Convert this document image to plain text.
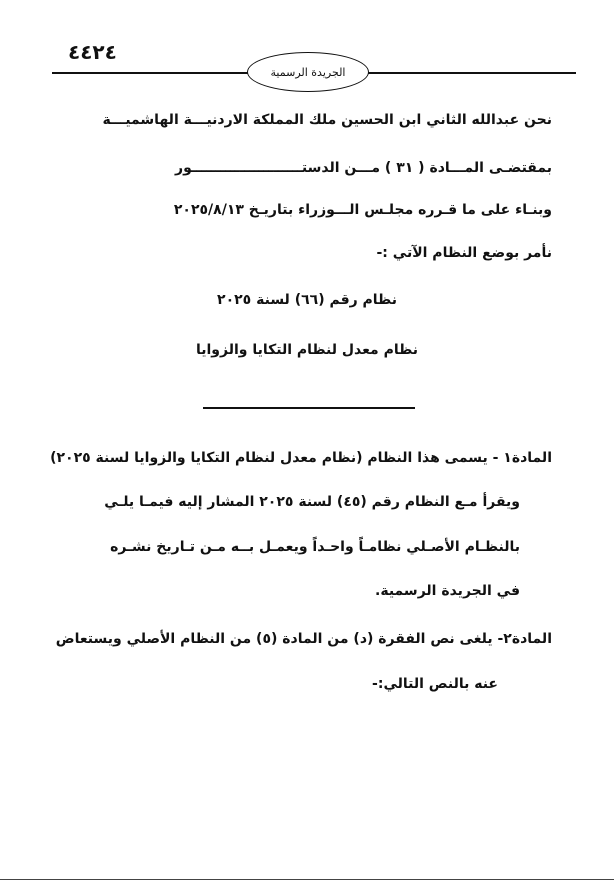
٤٤٢٤
الجريدة الرسمية
نحن عبدالله الثاني ابن الحسين ملك المملكة الاردنيـــة الهاشميـــة
بمقتضـى المـــادة ( ٣١ ) مـــن الدستـــــــــــــــــــــــور
وبنـاء على ما قـرره مجلـس الـــوزراء بتاريـخ ٢٠٢٥/٨/١٣
نأمر بوضع النظام الآتي :-
نظام رقم (٦٦) لسنة ٢٠٢٥
نظام معدل لنظام التكايا والزوايا
المادة١ - يسمى هذا النظام (نظام معدل لنظام التكايا والزوايا لسنة ٢٠٢٥)
ويقرأ مـع النظام رقم (٤٥) لسنة ٢٠٢٥ المشار إليه فيمـا يلـي
بالنظـام الأصـلي نظامـاً واحـداً ويعمـل بــه مـن تـاريخ نشـره
في الجريدة الرسمية.
المادة٢- يلغى نص الفقرة (د) من المادة (٥) من النظام الأصلي ويستعاض
عنه بالنص التالي:-
